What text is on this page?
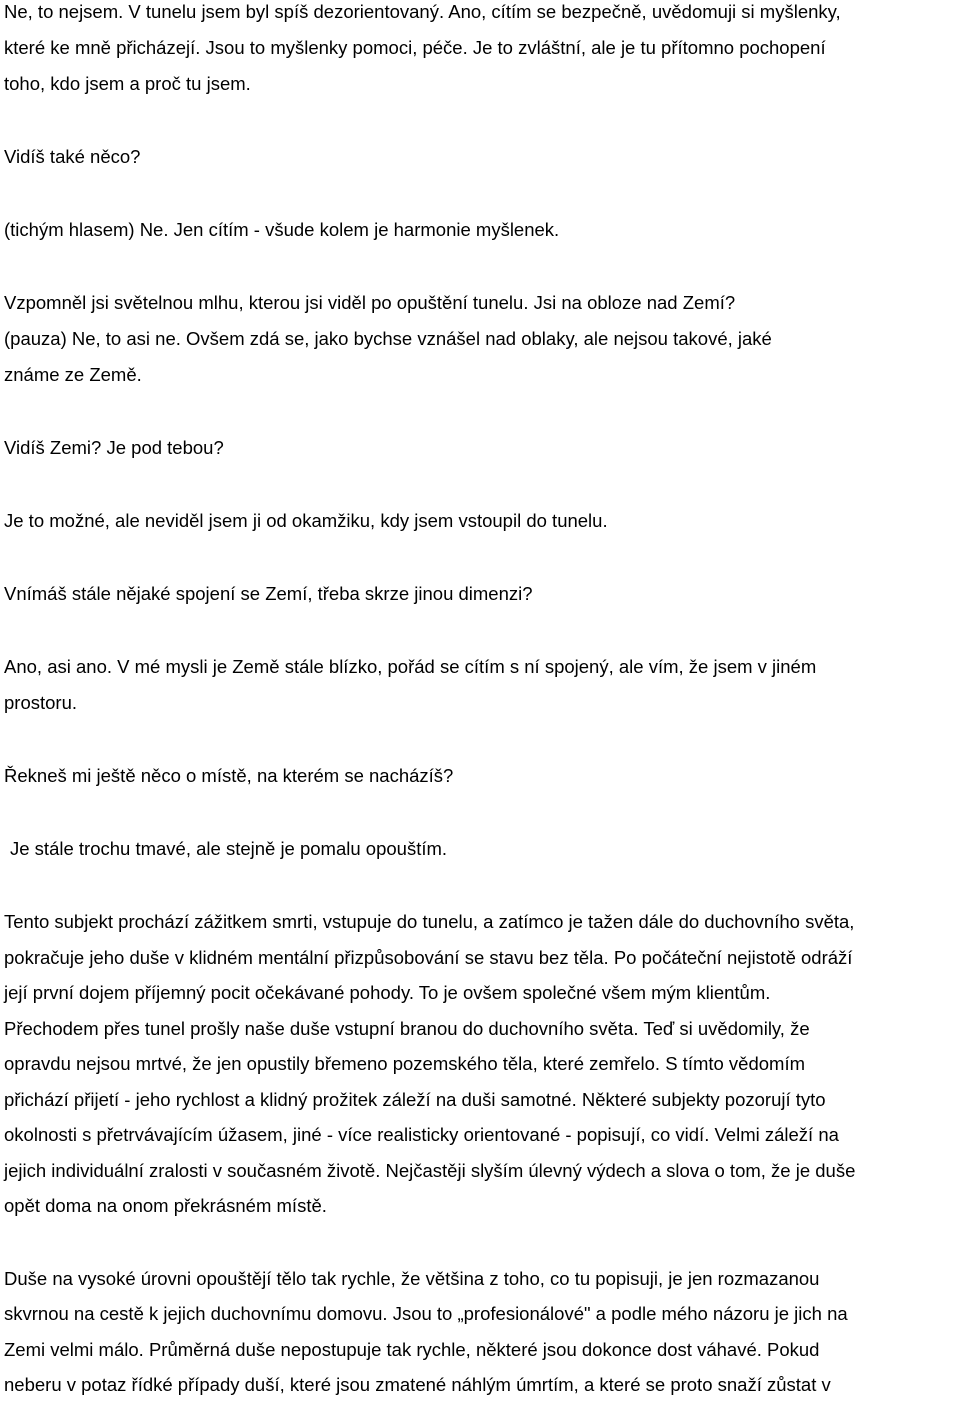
Ne, to nejsem. V tunelu jsem byl spíš dezorientovaný. Ano, cítím se bezpečně, uvědomuji si myšlenky,
které ke mně přicházejí. Jsou to myšlenky pomoci, péče. Je to zvláštní, ale je tu přítomno pochopení
toho, kdo jsem a proč tu jsem.

Vidíš také něco?

(tichým hlasem) Ne. Jen cítím - všude kolem je harmonie myšlenek.

Vzpomněl jsi světelnou mlhu, kterou jsi viděl po opuštění tunelu. Jsi na obloze nad Zemí?

(pauza) Ne, to asi ne. Ovšem zdá se, jako bychse vznášel nad oblaky, ale nejsou takové, jaké
známe ze Země.

Vidíš Zemi? Je pod tebou?

Je to možné, ale neviděl jsem ji od okamžiku, kdy jsem vstoupil do tunelu.

Vnímáš stále nějaké spojení se Zemí, třeba skrze jinou dimenzi?

Ano, asi ano. V mé mysli je Země stále blízko, pořád se cítím s ní spojený, ale vím, že jsem v jiném
prostoru.

Řekneš mi ještě něco o místě, na kterém se nacházíš?

Je stále trochu tmavé, ale stejně je pomalu opouštím.

Tento subjekt prochází zážitkem smrti, vstupuje do tunelu, a zatímco je tažen dále do duchovního světa,
pokračuje jeho duše v klidném mentální přizpůsobování se stavu bez těla. Po počáteční nejistotě odráží
její první dojem příjemný pocit očekávané pohody. To je ovšem společné všem mým klientům.
Přechodem přes tunel prošly naše duše vstupní branou do duchovního světa. Teď si uvědomily, že
opravdu nejsou mrtvé, že jen opustily břemeno pozemského těla, které zemřelo. S tímto vědomím
přichází přijetí - jeho rychlost a klidný prožitek záleží na duši samotné. Některé subjekty pozorují tyto
okolnosti s přetrvávajícím úžasem, jiné - více realisticky orientované - popisují, co vidí. Velmi záleží na
jejich individuální zralosti v současném životě. Nejčastěji slyším úlevný výdech a slova o tom, že je duše
opět doma na onom překrásném místě.

Duše na vysoké úrovni opouštějí tělo tak rychle, že většina z toho, co tu popisuji, je jen rozmazanou
skvrnou na cestě k jejich duchovnímu domovu. Jsou to „profesionálové" a podle mého názoru je jich na
Zemi velmi málo. Průměrná duše nepostupuje tak rychle, některé jsou dokonce dost váhavé. Pokud
neberu v potaz řídké případy duší, které jsou zmatené náhlým úmrtím, a které se proto snaží zůstat v
